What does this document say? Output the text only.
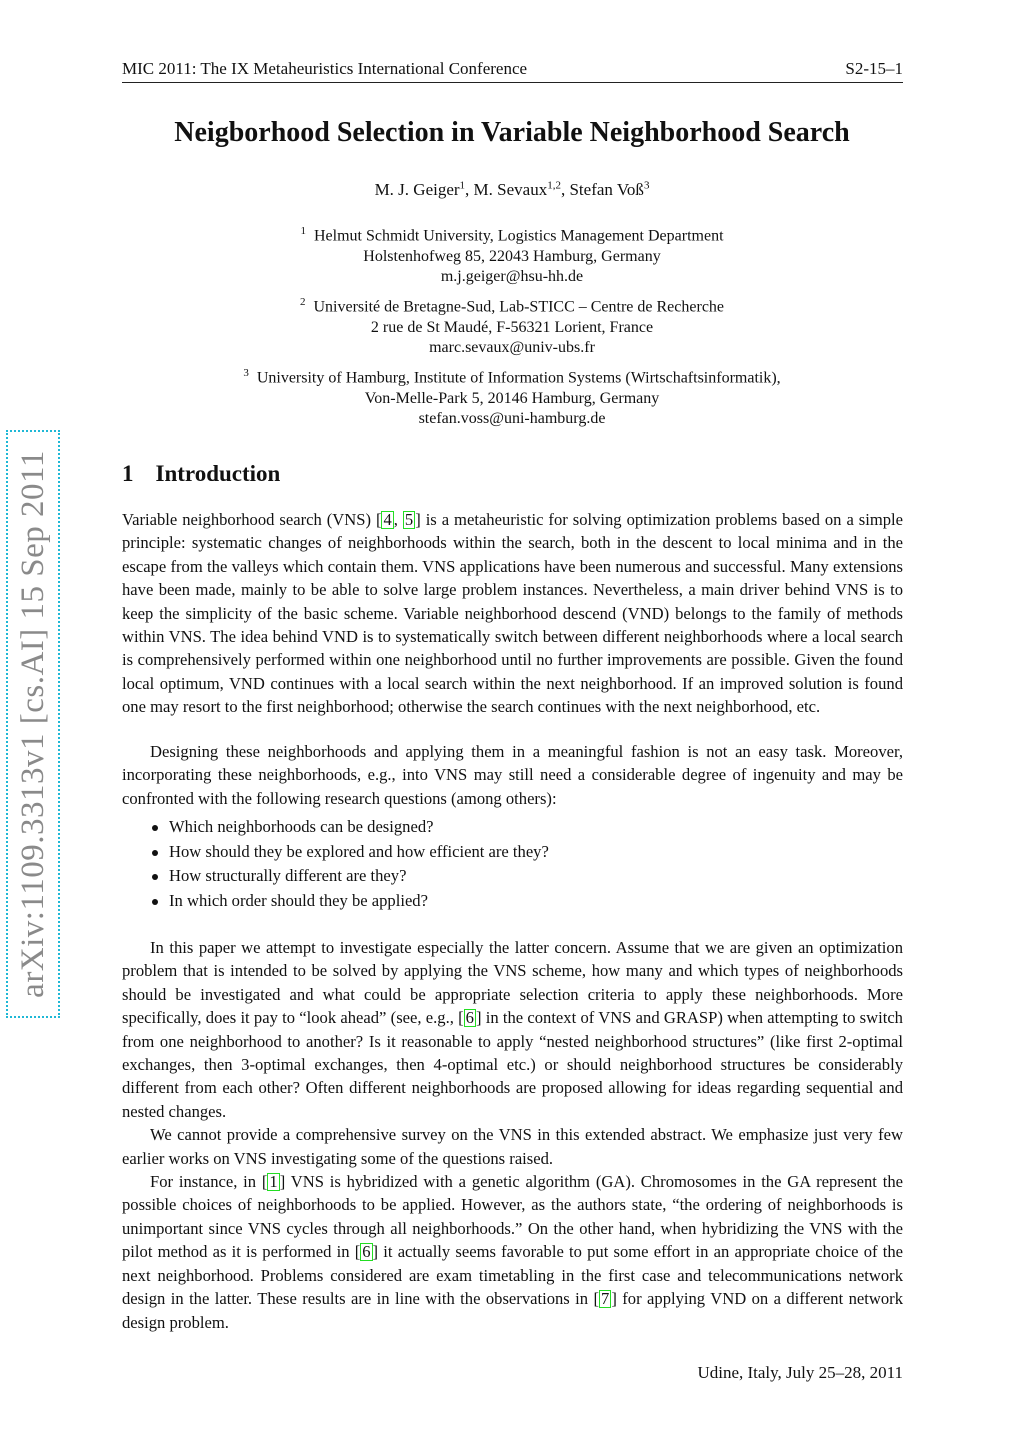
MIC 2011: The IX Metaheuristics International Conference	S2-15–1
Neigborhood Selection in Variable Neighborhood Search
M. J. Geiger$^1$, M. Sevaux$^{1,2}$, Stefan Voß$^3$
$^1$ Helmut Schmidt University, Logistics Management Department
Holstenhofweg 85, 22043 Hamburg, Germany
m.j.geiger@hsu-hh.de
$^2$ Université de Bretagne-Sud, Lab-STICC – Centre de Recherche
2 rue de St Maudé, F-56321 Lorient, France
marc.sevaux@univ-ubs.fr
$^3$ University of Hamburg, Institute of Information Systems (Wirtschaftsinformatik),
Von-Melle-Park 5, 20146 Hamburg, Germany
stefan.voss@uni-hamburg.de
arXiv:1109.3313v1 [cs.AI] 15 Sep 2011	1 Introduction

Variable neighborhood search (VNS) [ 4 , 5 ] is a metaheuristic for solving optimization problems based on a simple principle: systematic changes of neighborhoods within the search, both in the descent to local minima and in the escape from the valleys which contain them. VNS applications have been numerous and successful. Many extensions have been made, mainly to be able to solve large problem instances. Nevertheless, a main driver behind VNS is to keep the simplicity of the basic scheme. Variable neighborhood descend (VND) belongs to the family of methods within VNS. The idea behind VND is to systematically switch between different neighborhoods where a local search is comprehensively performed within one neighborhood until no further improvements are possible. Given the found local optimum, VND continues with a local search within the next neighborhood. If an improved solution is found one may resort to the first neighborhood; otherwise the search continues with the next neighborhood, etc.

Designing these neighborhoods and applying them in a meaningful fashion is not an easy task. Moreover, incorporating these neighborhoods, e.g., into VNS may still need a considerable degree of ingenuity and may be confronted with the following research questions (among others):

Which neighborhoods can be designed?
How should they be explored and how efficient are they?
How structurally different are they?
In which order should they be applied?

In this paper we attempt to investigate especially the latter concern. Assume that we are given an optimization problem that is intended to be solved by applying the VNS scheme, how many and which types of neighborhoods should be investigated and what could be appropriate selection criteria to apply these neighborhoods. More specifically, does it pay to “look ahead” (see, e.g., [ 6 ] in the context of VNS and GRASP) when attempting to switch from one neighborhood to another? Is it reasonable to apply “nested neighborhood structures” (like first 2-optimal exchanges, then 3-optimal exchanges, then 4-optimal etc.) or should neighborhood structures be considerably different from each other? Often different neighborhoods are proposed allowing for ideas regarding sequential and nested changes.

We cannot provide a comprehensive survey on the VNS in this extended abstract. We emphasize just very few earlier works on VNS investigating some of the questions raised.

For instance, in [ 1 ] VNS is hybridized with a genetic algorithm (GA). Chromosomes in the GA represent the possible choices of neighborhoods to be applied. However, as the authors state, “the ordering of neighborhoods is unimportant since VNS cycles through all neighborhoods.” On the other hand, when hybridizing the VNS with the pilot method as it is performed in [ 6 ] it actually seems favorable to put some effort in an appropriate choice of the next neighborhood. Problems considered are exam timetabling in the first case and telecommunications network design in the latter. These results are in line with the observations in [ 7 ] for applying VND on a different network design problem.

Udine, Italy, July 25–28, 2011
